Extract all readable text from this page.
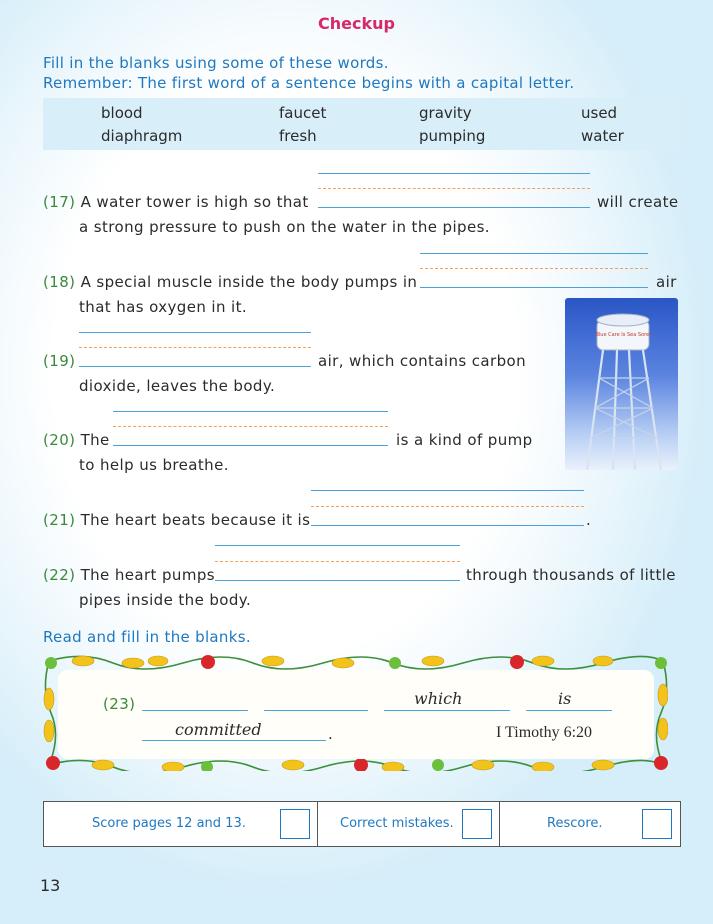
Checkup
Fill in the blanks using some of these words.
Remember: The first word of a sentence begins with a capital letter.
blood	faucet	gravity	used
diaphragm	fresh	pumping	water
(17) A water tower is high so that	will create
a strong pressure to push on the water in the pipes.
(18) A special muscle inside the body pumps in	air
that has oxygen in it.
(19)	air, which contains carbon
dioxide, leaves the body.
(20) The	is a kind of pump
to help us breathe.
Blue Care Is Sea Sorel
(21) The heart beats because it is	.
(22) The heart pumps	through thousands of little
pipes inside the body.
Read and fill in the blanks.
(23)	which	is
committed	.	I Timothy 6:20
Score pages 12 and 13.	Correct mistakes.	Rescore.
13
